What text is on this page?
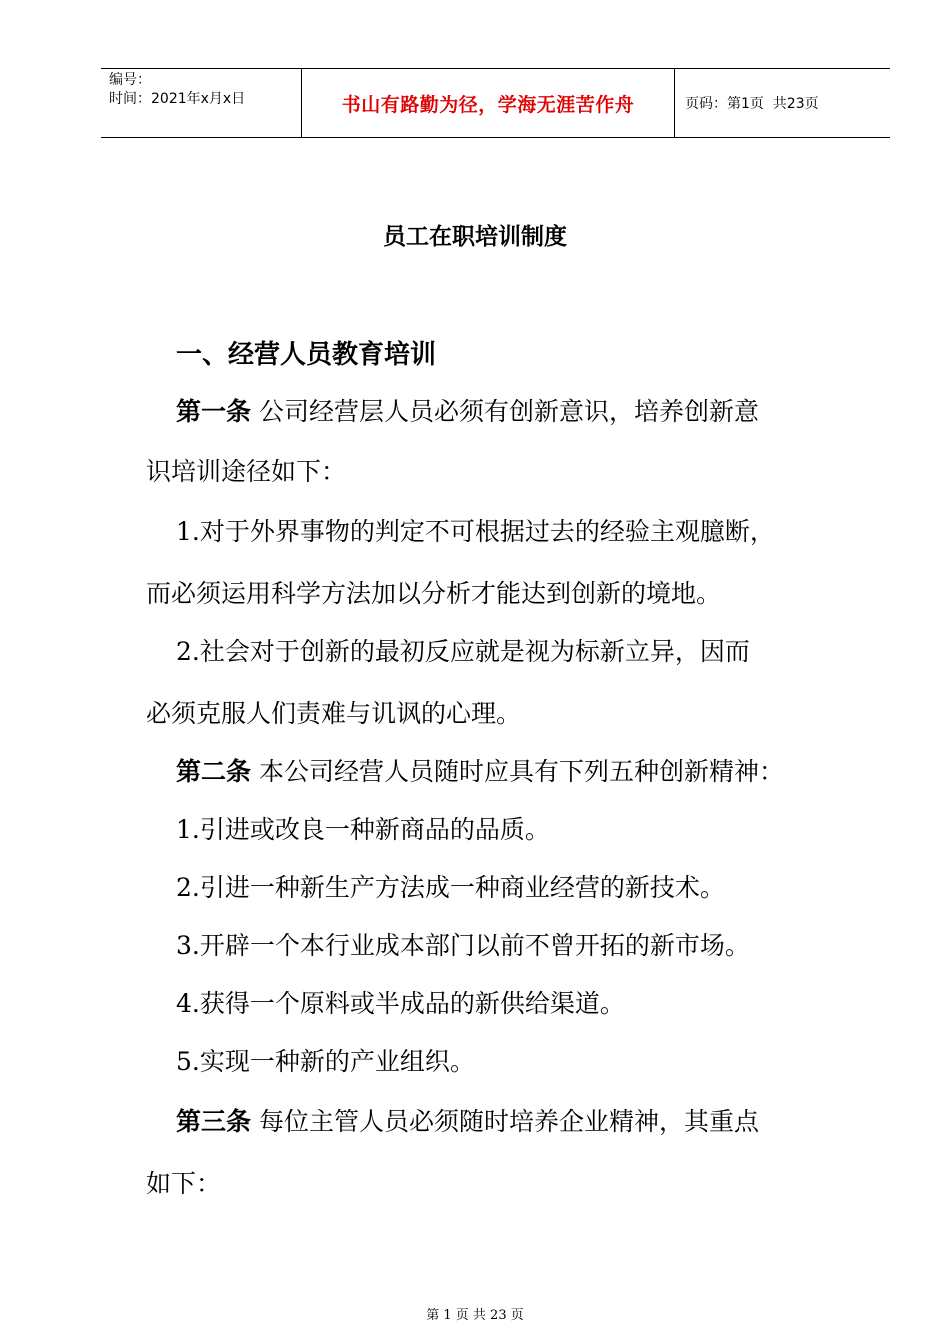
编号：
时间：2021年x月x日	书山有路勤为径，学海无涯苦作舟	页码：第1页  共23页
员工在职培训制度
一、经营人员教育培训
第一条 公司经营层人员必须有创新意识，培养创新意
识培训途径如下：
1.对于外界事物的判定不可根据过去的经验主观臆断，
而必须运用科学方法加以分析才能达到创新的境地。
2.社会对于创新的最初反应就是视为标新立异，因而
必须克服人们责难与讥讽的心理。
第二条 本公司经营人员随时应具有下列五种创新精神：
1.引进或改良一种新商品的品质。
2.引进一种新生产方法成一种商业经营的新技术。
3.开辟一个本行业成本部门以前不曾开拓的新市场。
4.获得一个原料或半成品的新供给渠道。
5.实现一种新的产业组织。
第三条 每位主管人员必须随时培养企业精神，其重点
如下：
第 1 页 共 23 页
